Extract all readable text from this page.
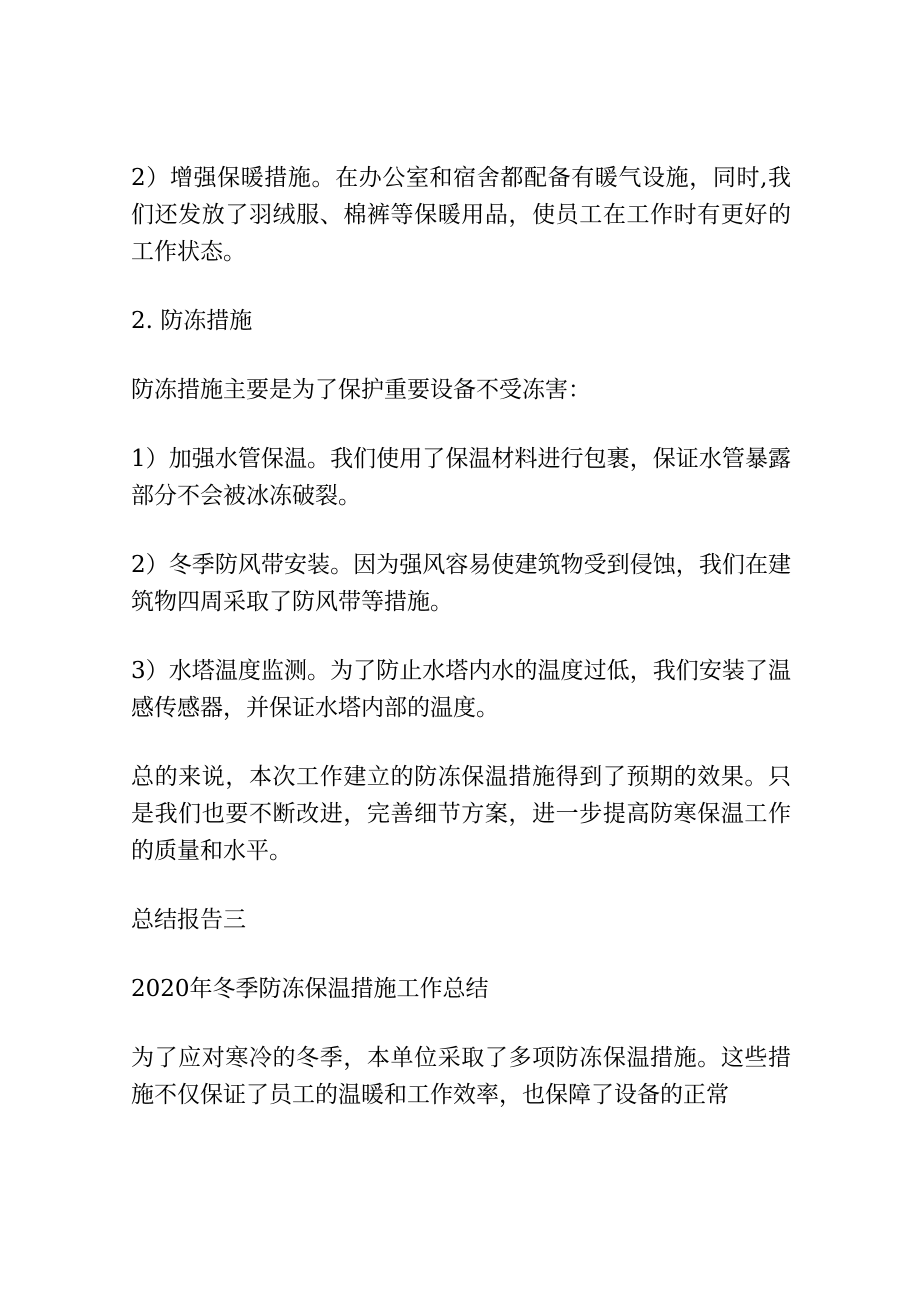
2）增强保暖措施。在办公室和宿舍都配备有暖气设施，同时,我们还发放了羽绒服、棉裤等保暖用品，使员工在工作时有更好的工作状态。

2. 防冻措施

防冻措施主要是为了保护重要设备不受冻害：

1）加强水管保温。我们使用了保温材料进行包裹，保证水管暴露部分不会被冰冻破裂。

2）冬季防风带安装。因为强风容易使建筑物受到侵蚀，我们在建筑物四周采取了防风带等措施。

3）水塔温度监测。为了防止水塔内水的温度过低，我们安装了温感传感器，并保证水塔内部的温度。

总的来说，本次工作建立的防冻保温措施得到了预期的效果。只是我们也要不断改进，完善细节方案，进一步提高防寒保温工作的质量和水平。

总结报告三

2020年冬季防冻保温措施工作总结

为了应对寒冷的冬季，本单位采取了多项防冻保温措施。这些措施不仅保证了员工的温暖和工作效率，也保障了设备的正常
